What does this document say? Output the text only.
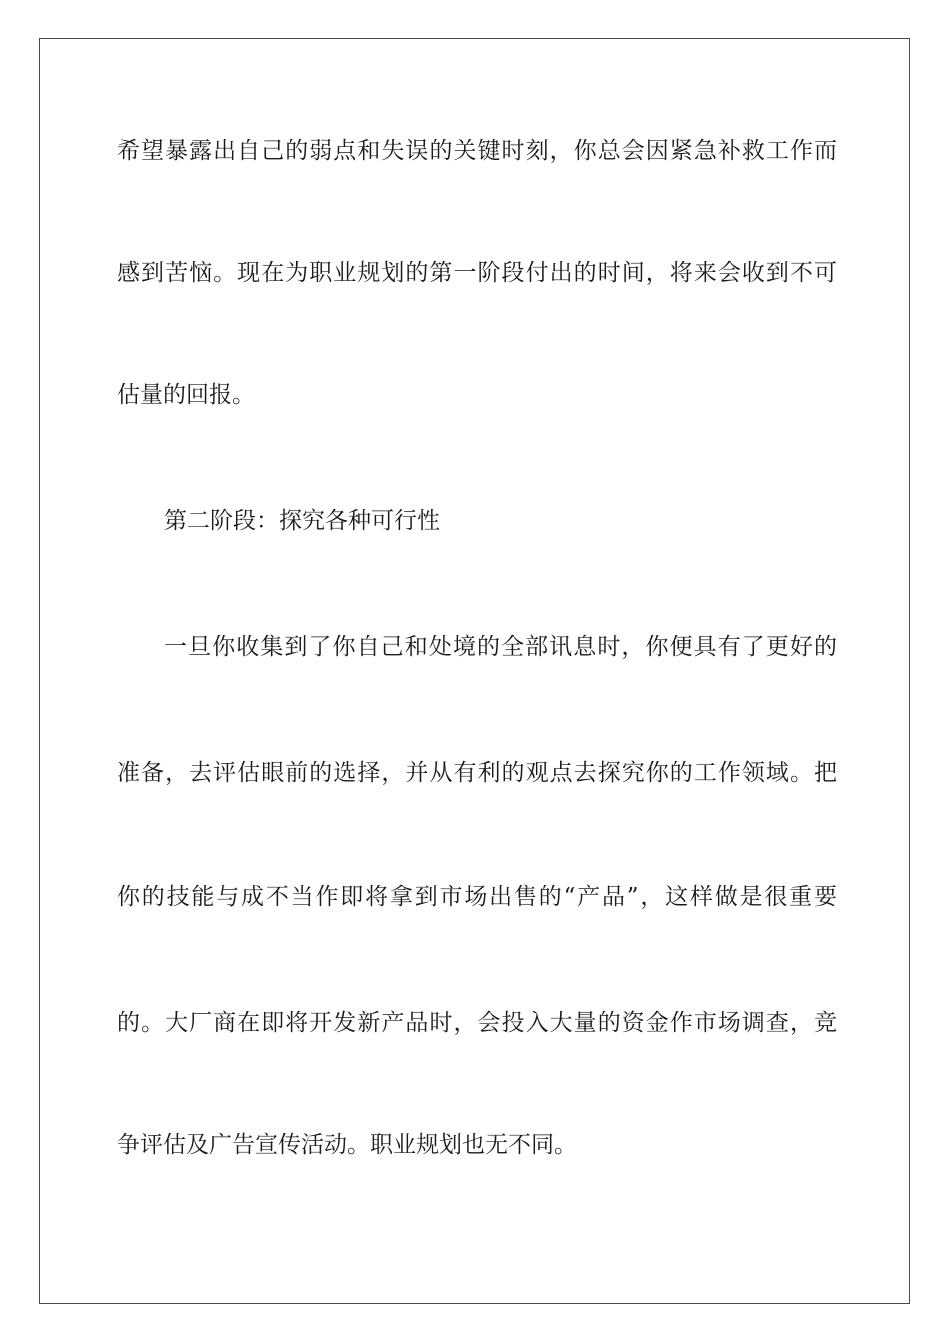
希望暴露出自己的弱点和失误的关键时刻，你总会因紧急补救工作而
感到苦恼。现在为职业规划的第一阶段付出的时间，将来会收到不可
估量的回报。
第二阶段：探究各种可行性
一旦你收集到了你自己和处境的全部讯息时，你便具有了更好的
准备，去评估眼前的选择，并从有利的观点去探究你的工作领域。把
你的技能与成不当作即将拿到市场出售的“产品”，这样做是很重要
的。大厂商在即将开发新产品时，会投入大量的资金作市场调查，竞
争评估及广告宣传活动。职业规划也无不同。
